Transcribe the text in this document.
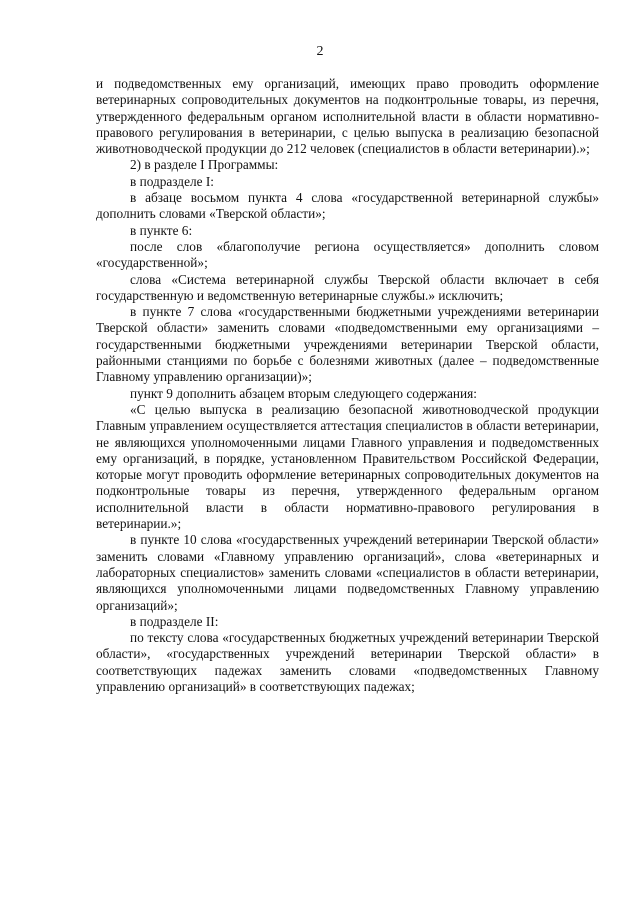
2

и подведомственных ему организаций, имеющих право проводить оформление ветеринарных сопроводительных документов на подконтрольные товары, из перечня, утвержденного федеральным органом исполнительной власти в области нормативно-правового регулирования в ветеринарии, с целью выпуска в реализацию безопасной животноводческой продукции до 212 человек (специалистов в области ветеринарии).»;

2) в разделе I Программы:

в подразделе I:

в абзаце восьмом пункта 4 слова «государственной ветеринарной службы» дополнить словами «Тверской области»;

в пункте 6:

после слов «благополучие региона осуществляется» дополнить словом «государственной»;

слова «Система ветеринарной службы Тверской области включает в себя государственную и ведомственную ветеринарные службы.» исключить;

в пункте 7 слова «государственными бюджетными учреждениями ветеринарии Тверской области» заменить словами «подведомственными ему организациями – государственными бюджетными учреждениями ветеринарии Тверской области, районными станциями по борьбе с болезнями животных (далее – подведомственные Главному управлению организации)»;

пункт 9 дополнить абзацем вторым следующего содержания:

«С целью выпуска в реализацию безопасной животноводческой продукции Главным управлением осуществляется аттестация специалистов в области ветеринарии, не являющихся уполномоченными лицами Главного управления и подведомственных ему организаций, в порядке, установленном Правительством Российской Федерации, которые могут проводить оформление ветеринарных сопроводительных документов на подконтрольные товары из перечня, утвержденного федеральным органом исполнительной власти в области нормативно-правового регулирования в ветеринарии.»;

в пункте 10 слова «государственных учреждений ветеринарии Тверской области» заменить словами «Главному управлению организаций», слова «ветеринарных и лабораторных специалистов» заменить словами «специалистов в области ветеринарии, являющихся уполномоченными лицами подведомственных Главному управлению организаций»;

в подразделе II:

по тексту слова «государственных бюджетных учреждений ветеринарии Тверской области», «государственных учреждений ветеринарии Тверской области» в соответствующих падежах заменить словами «подведомственных Главному управлению организаций» в соответствующих падежах;
